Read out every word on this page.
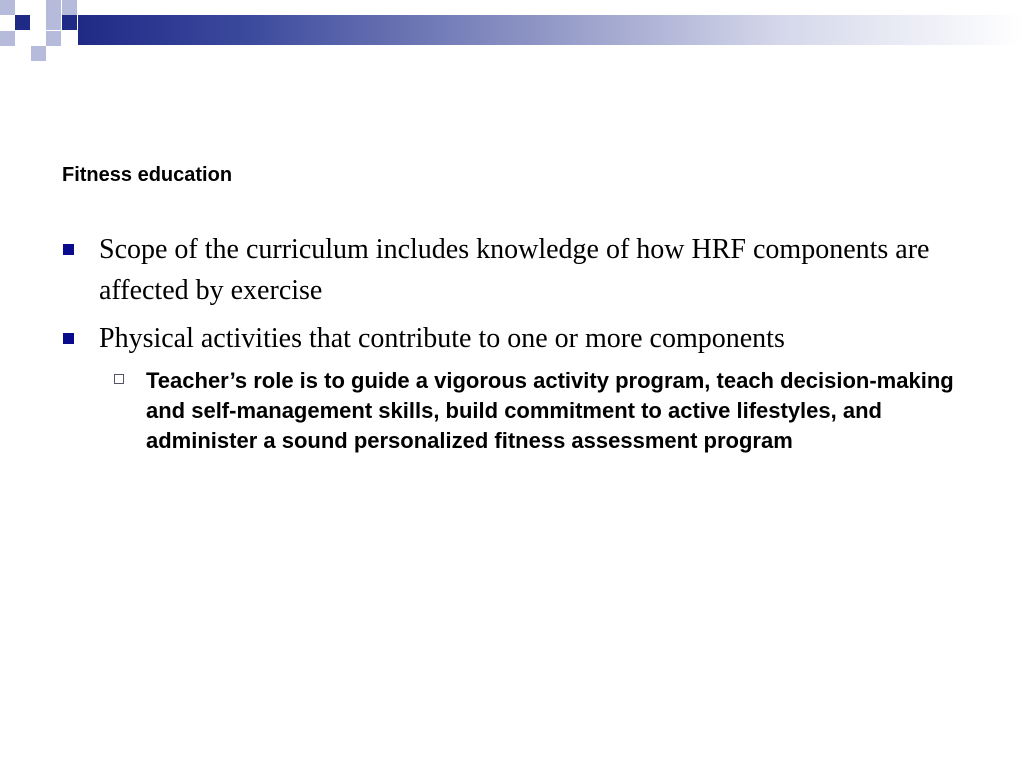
Fitness education
Scope of the curriculum includes knowledge of how HRF components are affected by exercise
Physical activities that contribute to one or more components
Teacher’s role is to guide a vigorous activity program, teach decision-making and self-management skills, build commitment to active lifestyles, and administer a sound personalized fitness assessment program
